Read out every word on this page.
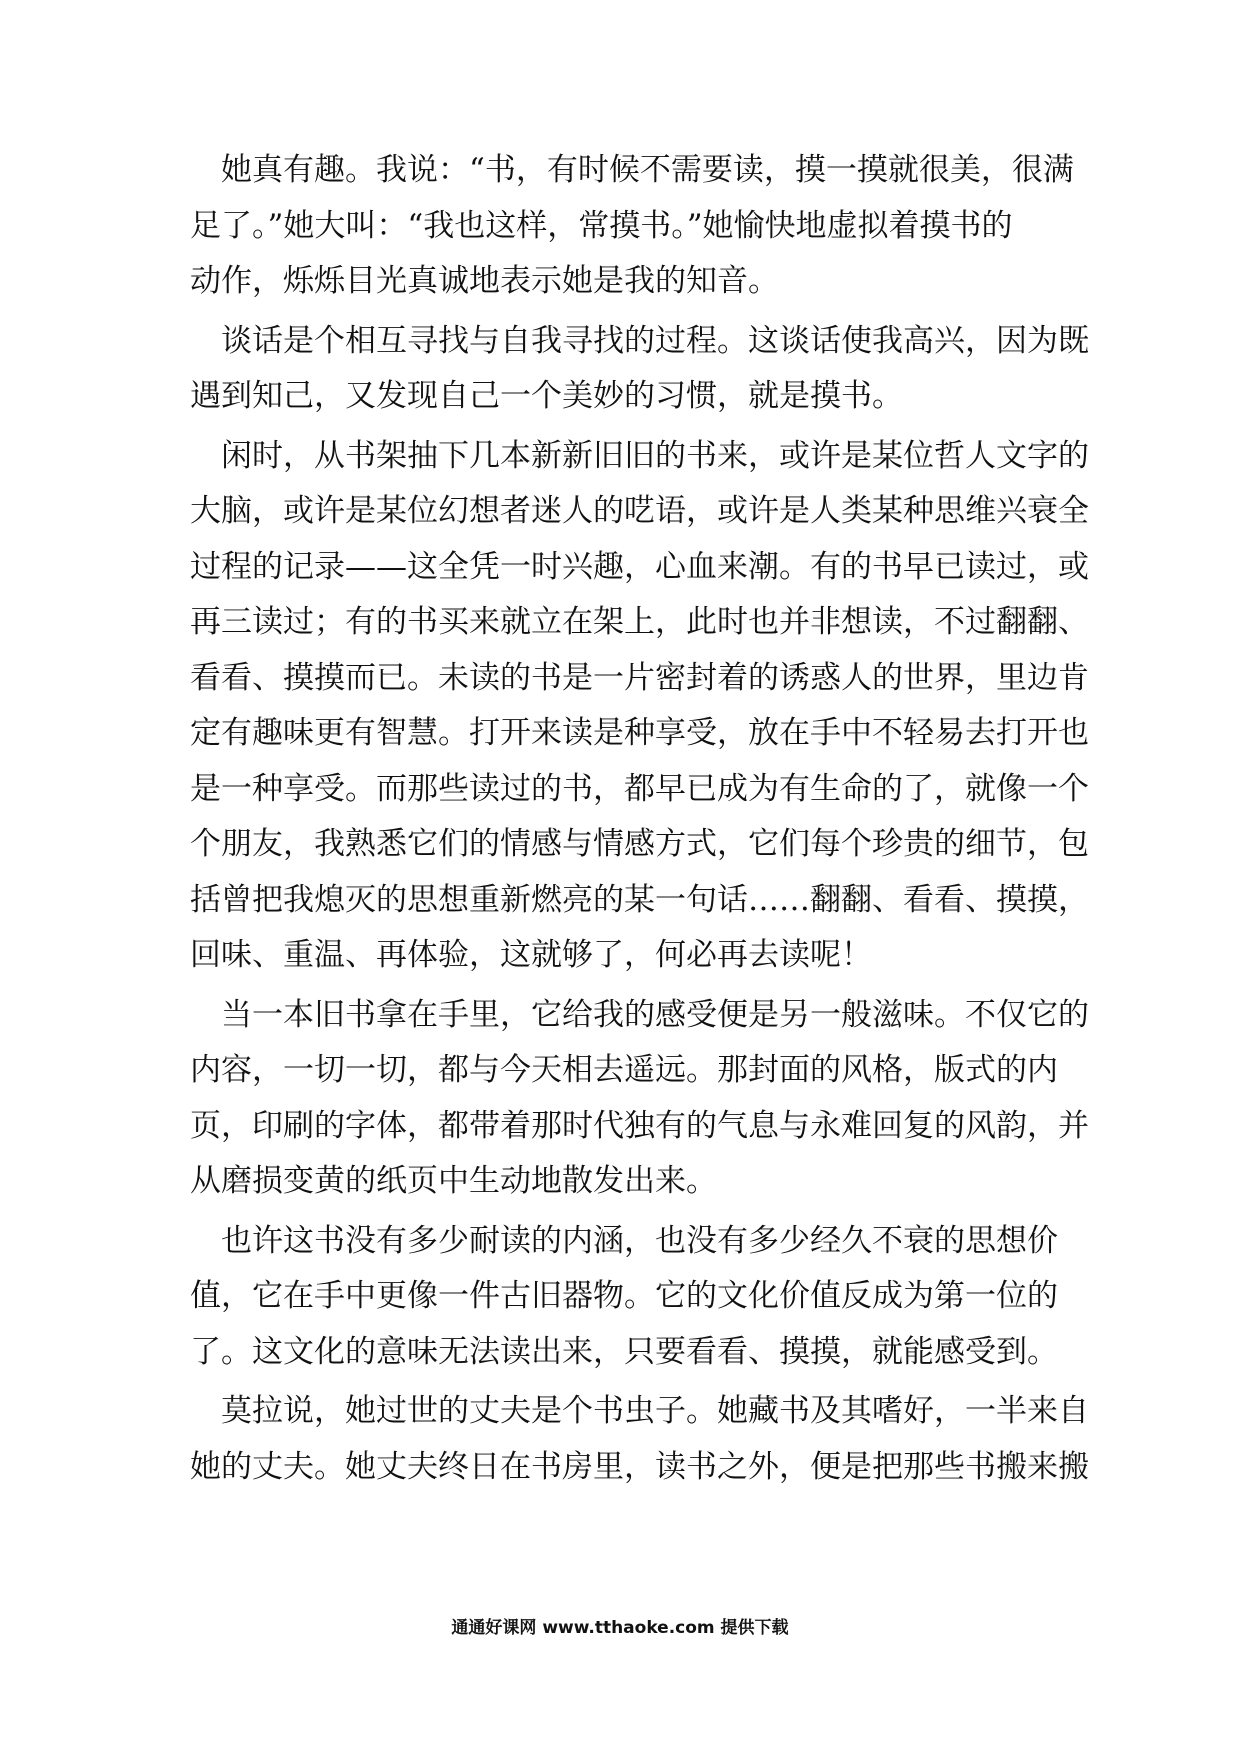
　她真有趣。我说：“书，有时候不需要读，摸一摸就很美，很满
足了。”她大叫：“我也这样，常摸书。”她愉快地虚拟着摸书的
动作，烁烁目光真诚地表示她是我的知音。
　谈话是个相互寻找与自我寻找的过程。这谈话使我高兴，因为既
遇到知己，又发现自己一个美妙的习惯，就是摸书。
　闲时，从书架抽下几本新新旧旧的书来，或许是某位哲人文字的
大脑，或许是某位幻想者迷人的呓语，或许是人类某种思维兴衰全
过程的记录——这全凭一时兴趣，心血来潮。有的书早已读过，或
再三读过；有的书买来就立在架上，此时也并非想读，不过翻翻、
看看、摸摸而已。未读的书是一片密封着的诱惑人的世界，里边肯
定有趣味更有智慧。打开来读是种享受，放在手中不轻易去打开也
是一种享受。而那些读过的书，都早已成为有生命的了，就像一个
个朋友，我熟悉它们的情感与情感方式，它们每个珍贵的细节，包
括曾把我熄灭的思想重新燃亮的某一句话……翻翻、看看、摸摸，
回味、重温、再体验，这就够了，何必再去读呢！
　当一本旧书拿在手里，它给我的感受便是另一般滋味。不仅它的
内容，一切一切，都与今天相去遥远。那封面的风格，版式的内
页，印刷的字体，都带着那时代独有的气息与永难回复的风韵，并
从磨损变黄的纸页中生动地散发出来。
　也许这书没有多少耐读的内涵，也没有多少经久不衰的思想价
值，它在手中更像一件古旧器物。它的文化价值反成为第一位的
了。这文化的意味无法读出来，只要看看、摸摸，就能感受到。
　莫拉说，她过世的丈夫是个书虫子。她藏书及其嗜好，一半来自
她的丈夫。她丈夫终日在书房里，读书之外，便是把那些书搬来搬
通通好课网 www.tthaoke.com 提供下载
